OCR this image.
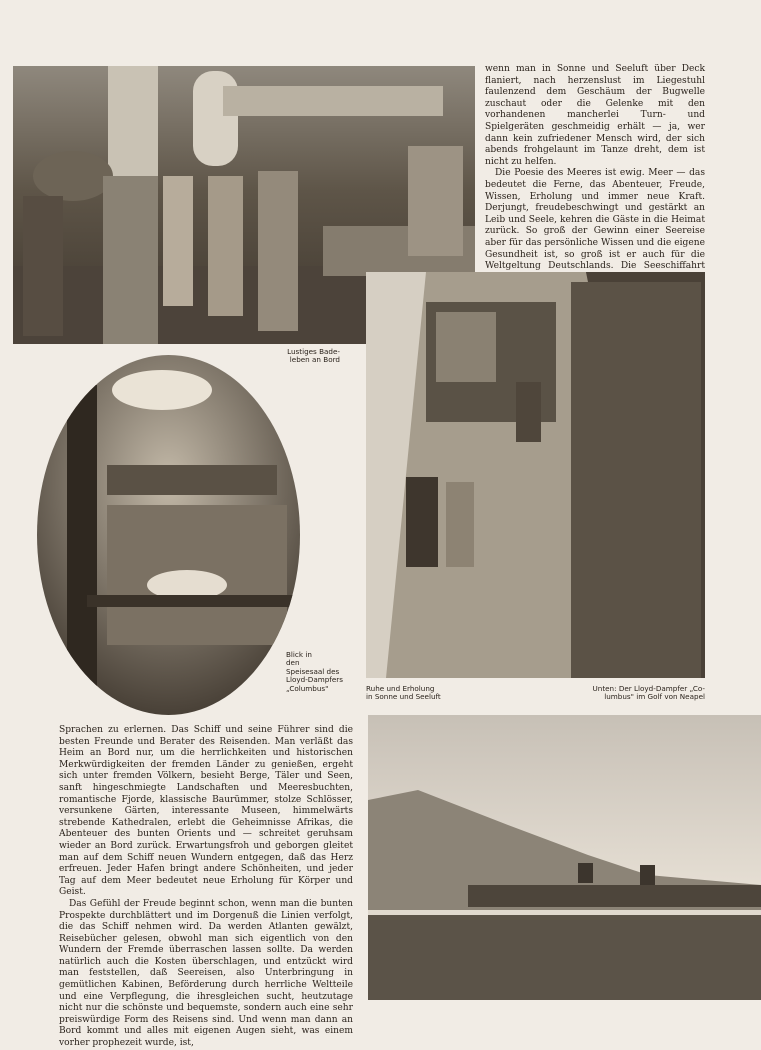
wenn man in Sonne und Seeluft über Deck flaniert, nach herzenslust im Liegestuhl faulenzend dem Geschäum der Bugwelle zuschaut oder die Gelenke mit den vorhandenen mancherlei Turn- und Spielgeräten geschmeidig erhält — ja, wer dann kein zufriedener Mensch wird, der sich abends frohgelaunt im Tanze dreht, dem ist nicht zu helfen.

Die Poesie des Meeres ist ewig. Meer — das bedeutet die Ferne, das Abenteuer, Freude, Wissen, Erholung und immer neue Kraft. Derjungt, freudebeschwingt und gestärkt an Leib und Seele, kehren die Gäste in die Heimat zurück. So groß der Gewinn einer Seereise aber für das persönliche Wissen und die eigene Gesundheit ist, so groß ist er auch für die Weltgeltung Deutschlands. Die Seeschiffahrt

Sprachen zu erlernen. Das Schiff und seine Führer sind die besten Freunde und Berater des Reisenden. Man verläßt das Heim an Bord nur, um die herrlichkeiten und historischen Merkwürdigkeiten der fremden Länder zu genießen, ergeht sich unter fremden Völkern, besieht Berge, Täler und Seen, sanft hingeschmiegte Landschaften und Meeresbuchten, romantische Fjorde, klassische Baurümmer, stolze Schlösser, versunkene Gärten, interessante Museen, himmelwärts strebende Kathedralen, erlebt die Geheimnisse Afrikas, die Abenteuer des bunten Orients und — schreitet geruhsam wieder an Bord zurück. Erwartungsfroh und geborgen gleitet man auf dem Schiff neuen Wundern entgegen, daß das Herz erfreuen. Jeder Hafen bringt andere Schönheiten, und jeder Tag auf dem Meer bedeutet neue Erholung für Körper und Geist.

Das Gefühl der Freude beginnt schon, wenn man die bunten Prospekte durchblättert und im Dorgenuß die Linien verfolgt, die das Schiff nehmen wird. Da werden Atlanten gewälzt, Reisebücher gelesen, obwohl man sich eigentlich von den Wundern der Fremde überraschen lassen sollte. Da werden natürlich auch die Kosten überschlagen, und entzückt wird man feststellen, daß Seereisen, also Unterbringung in gemütlichen Kabinen, Beförderung durch herrliche Weltteile und eine Verpflegung, die ihresgleichen sucht, heutzutage nicht nur die schönste und bequemste, sondern auch eine sehr preiswürdige Form des Reisens sind. Und wenn man dann an Bord kommt und alles mit eigenen Augen sieht, was einem vorher prophezeit wurde, ist,

Lustiges Bade-
leben an Bord
Blick in
den
Speisesaal des
Lloyd-Dampfers
„Columbus"	Ruhe und Erholung
in Sonne und Seeluft
Unten: Der Lloyd-Dampfer „Co-
lumbus" im Golf von Neapel
